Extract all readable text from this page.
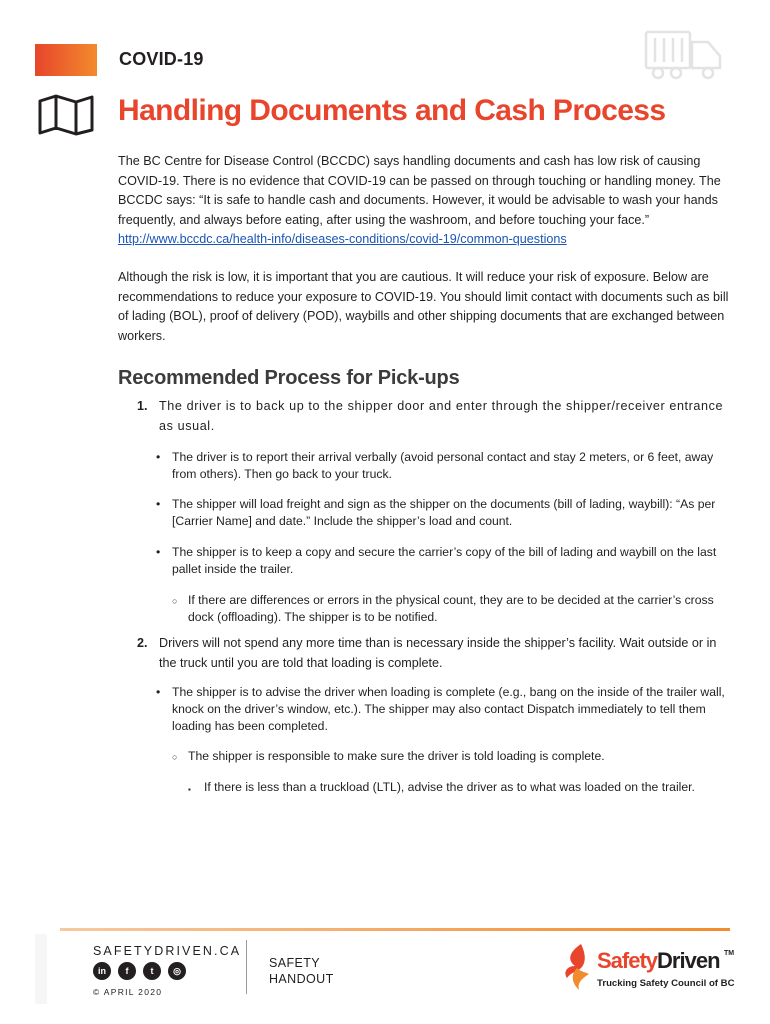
COVID-19
Handling Documents and Cash Process
The BC Centre for Disease Control (BCCDC) says handling documents and cash has low risk of causing COVID-19. There is no evidence that COVID-19 can be passed on through touching or handling money. The BCCDC says: “It is safe to handle cash and documents. However, it would be advisable to wash your hands frequently, and always before eating, after using the washroom, and before touching your face.” http://www.bccdc.ca/health-info/diseases-conditions/covid-19/common-questions
Although the risk is low, it is important that you are cautious. It will reduce your risk of exposure. Below are recommendations to reduce your exposure to COVID-19. You should limit contact with documents such as bill of lading (BOL), proof of delivery (POD), waybills and other shipping documents that are exchanged between workers.
Recommended Process for Pick-ups
1. The driver is to back up to the shipper door and enter through the shipper/receiver entrance as usual.
• The driver is to report their arrival verbally (avoid personal contact and stay 2 meters, or 6 feet, away from others). Then go back to your truck.
• The shipper will load freight and sign as the shipper on the documents (bill of lading, waybill): “As per [Carrier Name] and date.” Include the shipper’s load and count.
• The shipper is to keep a copy and secure the carrier’s copy of the bill of lading and waybill on the last pallet inside the trailer.
○ If there are differences or errors in the physical count, they are to be decided at the carrier’s cross dock (offloading). The shipper is to be notified.
2. Drivers will not spend any more time than is necessary inside the shipper’s facility. Wait outside or in the truck until you are told that loading is complete.
• The shipper is to advise the driver when loading is complete (e.g., bang on the inside of the trailer wall, knock on the driver’s window, etc.). The shipper may also contact Dispatch immediately to tell them loading has been completed.
○ The shipper is responsible to make sure the driver is told loading is complete.
▪ If there is less than a truckload (LTL), advise the driver as to what was loaded on the trailer.
SAFETYDRIVEN.CA
in	f	t	◎
© APRIL 2020
SAFETY
HANDOUT
SafetyDriven TM
Trucking Safety Council of BC
